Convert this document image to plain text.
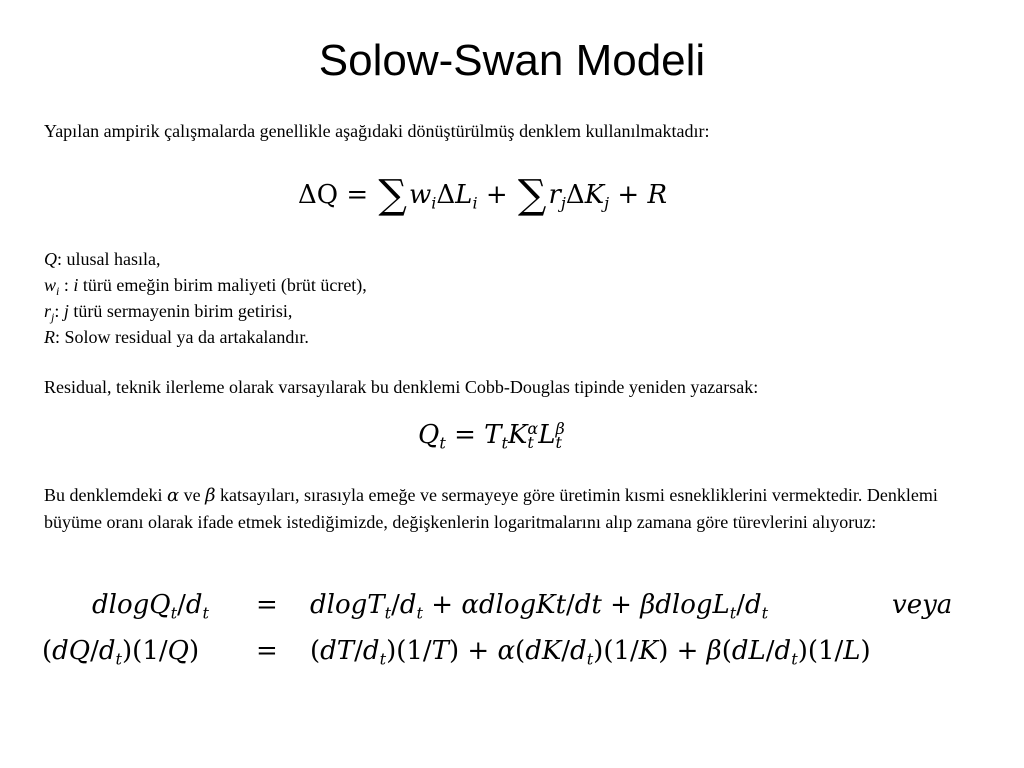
Solow-Swan Modeli

Yapılan ampirik çalışmalarda genellikle aşağıdaki dönüştürülmüş denklem kullanılmaktadır:

$\Delta Q = \sum w_i\Delta L_i + \sum r_j\Delta K_j + R$
Q: ulusal hasıla,
$w_i$ : i türü emeğin birim maliyeti (brüt ücret),
$r_j$: j türü sermayenin birim getirisi,
R: Solow residual ya da artakalandır.

Residual, teknik ilerleme olarak varsayılarak bu denklemi Cobb-Douglas tipinde yeniden yazarsak:

$Q_t = T_tK$ α
t L β
t

Bu denklemdeki α ve β katsayıları, sırasıyla emeğe ve sermayeye göre üretimin kısmi esnekliklerini vermektedir. Denklemi büyüme oranı olarak ifade etmek istediğimizde, değişkenlerin logaritmalarını alıp zamana göre türevlerini alıyoruz:

$dlogQ_t/d_t = dlogT_t/d_t$ + αdlogKt/dt + $\beta dlogL_t/d_t$	veya
$(dQ/d_t)(1/Q) = (dT/d_t)(1/T) + \alpha(dK/d_t)(1/K) + \beta(dL/d_t)(1/L)$
